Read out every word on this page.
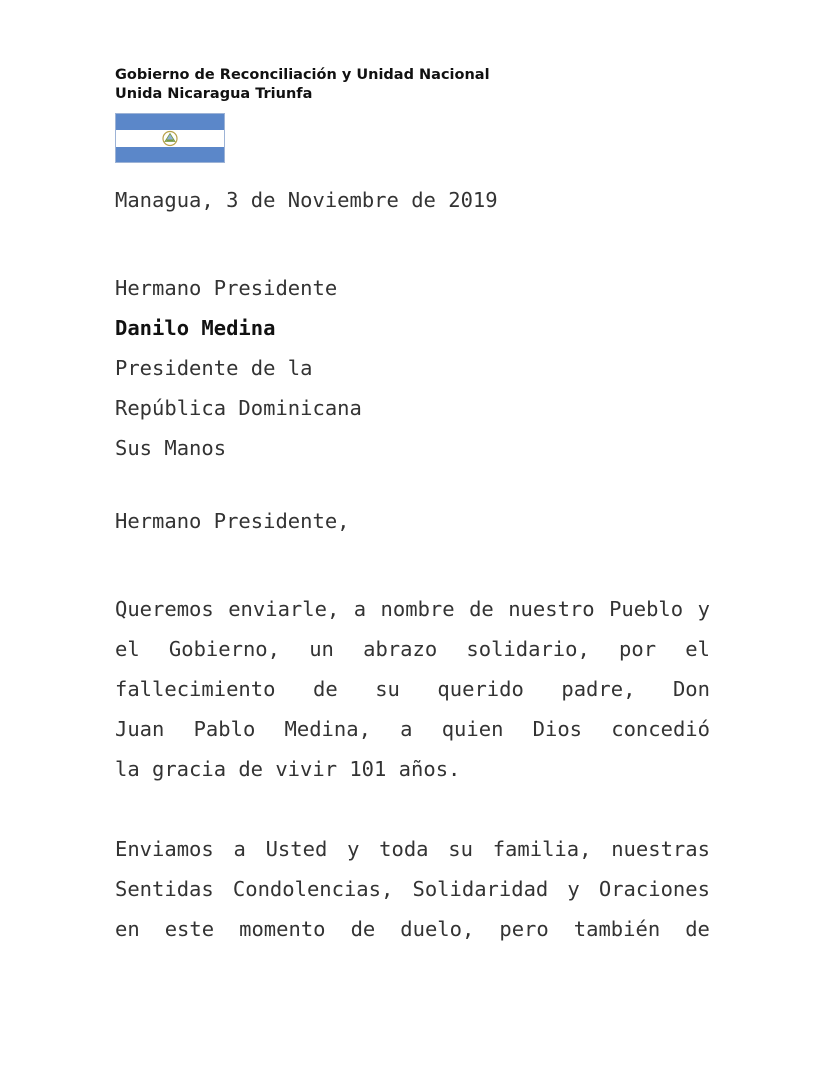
Gobierno de Reconciliación y Unidad Nacional
Unida Nicaragua Triunfa
Managua, 3 de Noviembre de 2019
Hermano Presidente
Danilo Medina
Presidente de la
República Dominicana
Sus Manos
Hermano Presidente,
Queremos enviarle, a nombre de nuestro Pueblo y
el Gobierno, un abrazo solidario, por el
fallecimiento de su querido padre, Don
Juan Pablo Medina, a quien Dios concedió
la gracia de vivir 101 años.
Enviamos a Usted y toda su familia, nuestras
Sentidas Condolencias, Solidaridad y Oraciones
en este momento de duelo, pero también de
